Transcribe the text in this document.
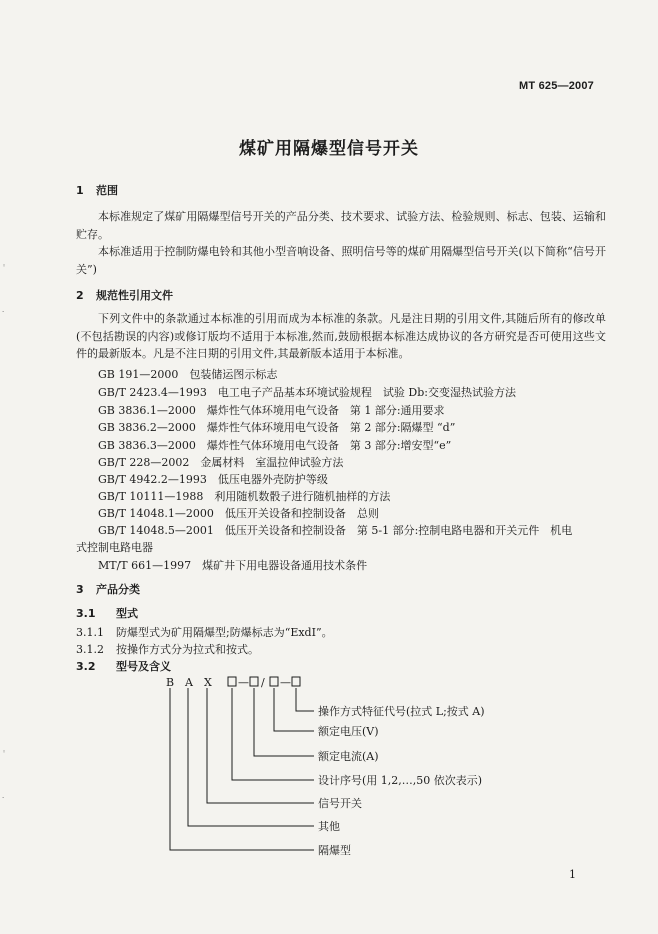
◦
·
◦
·
MT 625—2007
煤矿用隔爆型信号开关
1 范围
本标准规定了煤矿用隔爆型信号开关的产品分类、技术要求、试验方法、检验规则、标志、包装、运输和贮存。
本标准适用于控制防爆电铃和其他小型音响设备、照明信号等的煤矿用隔爆型信号开关(以下简称“信号开关”)
2 规范性引用文件
下列文件中的条款通过本标准的引用而成为本标准的条款。凡是注日期的引用文件,其随后所有的修改单(不包括勘误的内容)或修订版均不适用于本标准,然而,鼓励根据本标准达成协议的各方研究是否可使用这些文件的最新版本。凡是不注日期的引用文件,其最新版本适用于本标准。
GB 191—2000　包装储运图示标志
GB/T 2423.4—1993　电工电子产品基本环境试验规程　试验 Db:交变湿热试验方法
GB 3836.1—2000　爆炸性气体环境用电气设备　第 1 部分:通用要求
GB 3836.2—2000　爆炸性气体环境用电气设备　第 2 部分:隔爆型 “d”
GB 3836.3—2000　爆炸性气体环境用电气设备　第 3 部分:增安型“e”
GB/T 228—2002　金属材料　室温拉伸试验方法
GB/T 4942.2—1993　低压电器外壳防护等级
GB/T 10111—1988　利用随机数骰子进行随机抽样的方法
GB/T 14048.1—2000　低压开关设备和控制设备　总则
GB/T 14048.5—2001　低压开关设备和控制设备　第 5-1 部分:控制电路电器和开关元件　机电
式控制电路电器
MT/T 661—1997　煤矿井下用电器设备通用技术条件
3 产品分类
3.1 型式
3.1.1 防爆型式为矿用隔爆型;防爆标志为“ExdI”。
3.1.2 按操作方式分为拉式和按式。
3.2 型号及含义
B A X — / —
操作方式特征代号(拉式 L;按式 A)
额定电压(V)
额定电流(A)
设计序号(用 1,2,…,50 依次表示)
信号开关
其他
隔爆型
1
